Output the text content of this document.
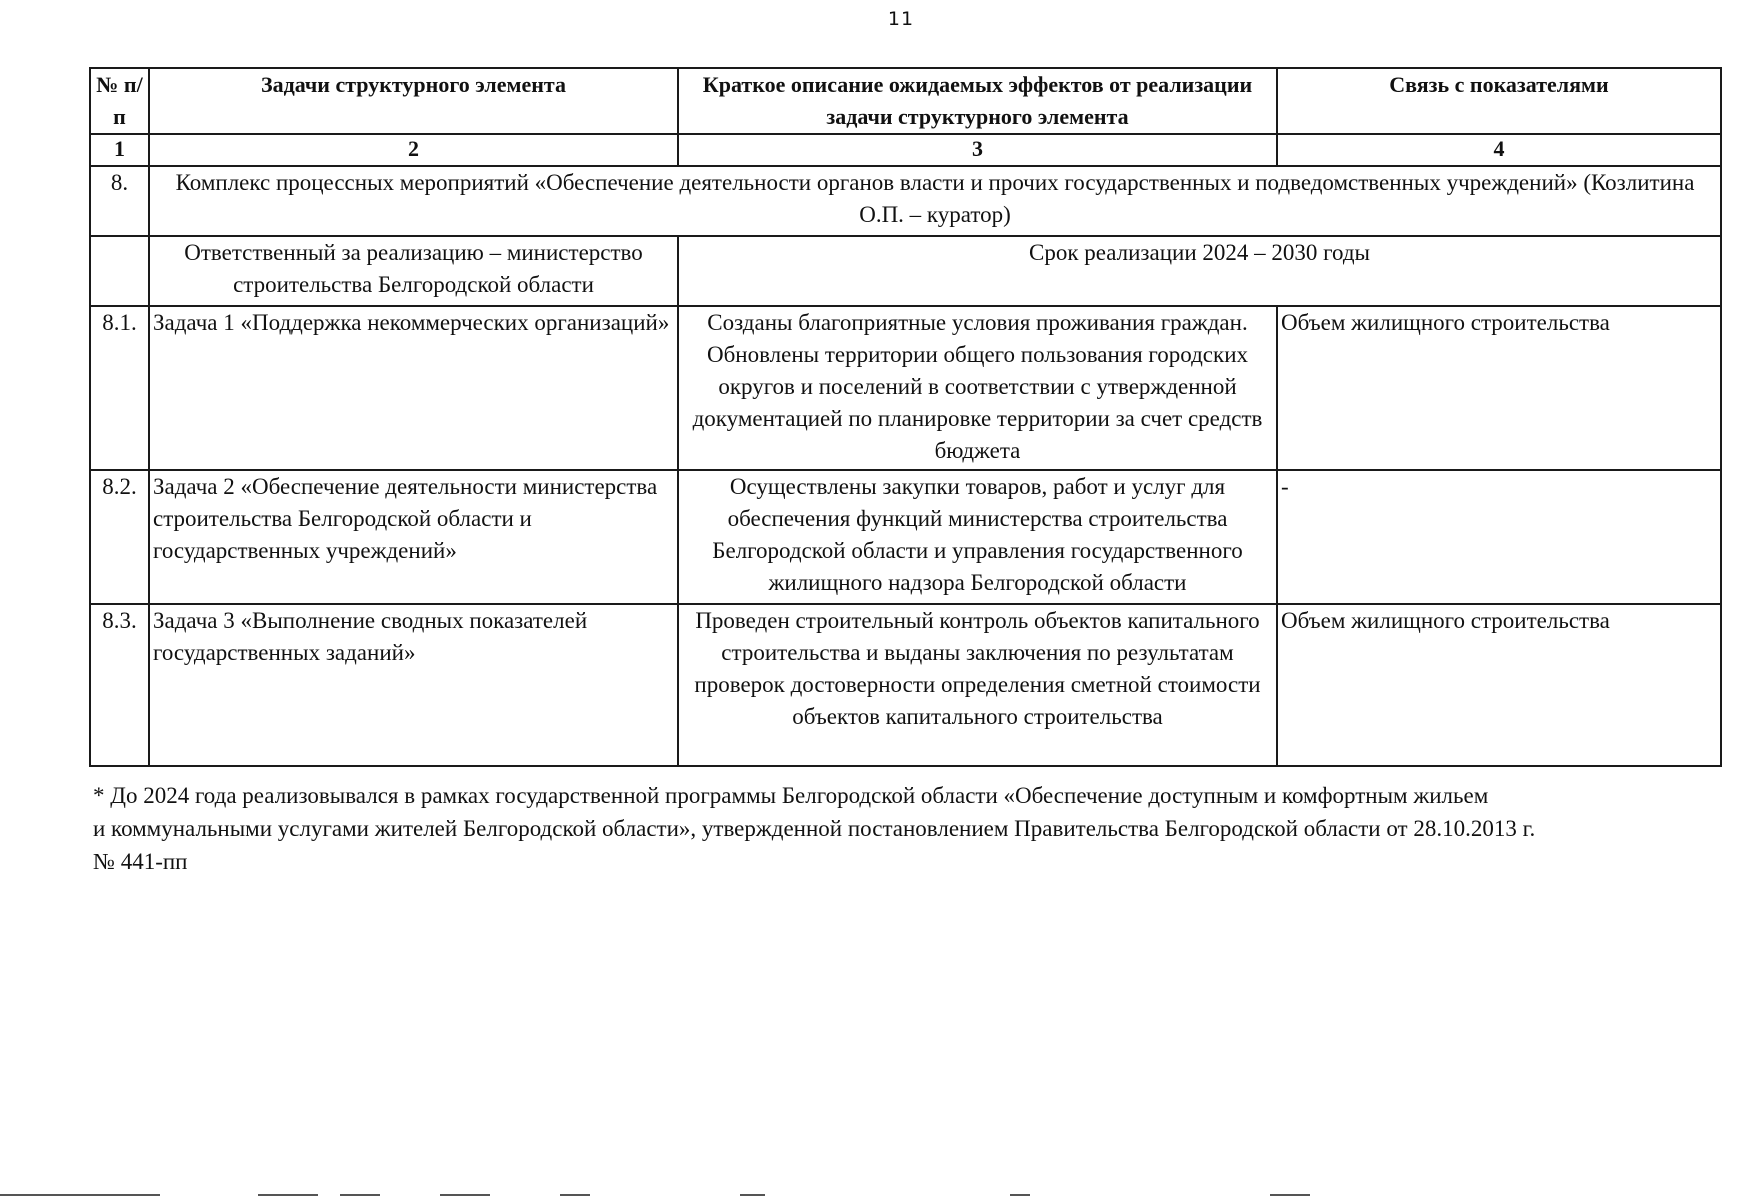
11
№ п/п	Задачи структурного элемента	Краткое описание ожидаемых эффектов от реализации задачи структурного элемента	Связь с показателями
1	2	3	4
8.	Комплекс процессных мероприятий «Обеспечение деятельности органов власти и прочих государственных и подведомственных учреждений» (Козлитина О.П. – куратор)		
	Ответственный за реализацию – министерство строительства Белгородской области	Срок реализации 2024 – 2030 годы	
8.1.	Задача 1 «Поддержка некоммерческих организаций»	Созданы благоприятные условия проживания граждан. Обновлены территории общего пользования городских округов и поселений в соответствии с утвержденной документацией по планировке территории за счет средств бюджета	Объем жилищного строительства
8.2.	Задача 2 «Обеспечение деятельности министерства строительства Белгородской области и государственных учреждений»	Осуществлены закупки товаров, работ и услуг для обеспечения функций министерства строительства Белгородской области и управления государственного жилищного надзора Белгородской области	-
8.3.	Задача 3 «Выполнение сводных показателей государственных заданий»	Проведен строительный контроль объектов капитального строительства и выданы заключения по результатам проверок достоверности определения сметной стоимости объектов капитального строительства	Объем жилищного строительства
* До 2024 года реализовывался в рамках государственной программы Белгородской области «Обеспечение доступным и комфортным жильем
и коммунальными услугами жителей Белгородской области», утвержденной постановлением Правительства Белгородской области от 28.10.2013 г.
№ 441-пп
